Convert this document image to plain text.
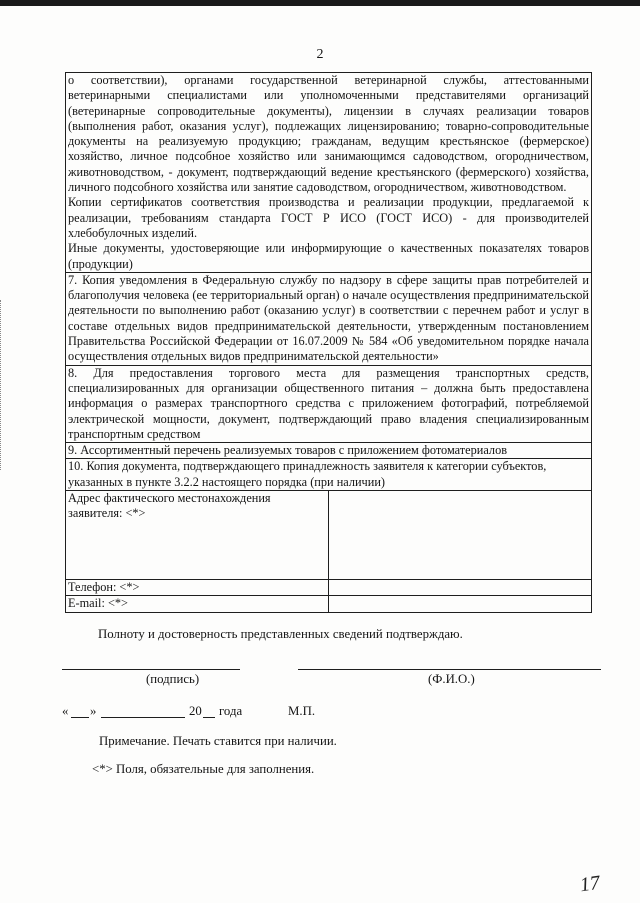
2
о соответствии), органами государственной ветеринарной службы, аттестованными ветеринарными специалистами или уполномоченными представителями организаций (ветеринарные сопроводительные документы), лицензии в случаях реализации товаров (выполнения работ, оказания услуг), подлежащих лицензированию; товарно-сопроводительные документы на реализуемую продукцию; гражданам, ведущим крестьянское (фермерское) хозяйство, личное подсобное хозяйство или занимающимся садоводством, огородничеством, животноводством, - документ, подтверждающий ведение крестьянского (фермерского) хозяйства, личного подсобного хозяйства или занятие садоводством, огородничеством, животноводством.
Копии сертификатов соответствия производства и реализации продукции, предлагаемой к реализации, требованиям стандарта ГОСТ Р ИСО (ГОСТ ИСО) - для производителей хлебобулочных изделий.
Иные документы, удостоверяющие или информирующие о качественных показателях товаров (продукции)	

7. Копия уведомления в Федеральную службу по надзору в сфере защиты прав потребителей и благополучия человека (ее территориальный орган) о начале осуществления предпринимательской деятельности по выполнению работ (оказанию услуг) в соответствии с перечнем работ и услуг в составе отдельных видов предпринимательской деятельности, утвержденным постановлением Правительства Российской Федерации от 16.07.2009 № 584 «Об уведомительном порядке начала осуществления отдельных видов предпринимательской деятельности»	
8. Для предоставления торгового места для размещения транспортных средств, специализированных для организации общественного питания – должна быть предоставлена информация о размерах транспортного средства с приложением фотографий, потребляемой электрической мощности, документ, подтверждающий право владения специализированным транспортным средством	
9. Ассортиментный перечень реализуемых товаров с приложением фотоматериалов	
10. Копия документа, подтверждающего принадлежность заявителя к категории субъектов, указанных в пункте 3.2.2 настоящего порядка (при наличии)	
Адрес фактического местонахождения заявителя: <*>	
Телефон: <*>	
E-mail: <*>	
Полноту и достоверность представленных сведений подтверждаю.
(подпись)	(Ф.И.О.)
« »	20 года	М.П.
Примечание. Печать ставится при наличии.
<*> Поля, обязательные для заполнения.
17
